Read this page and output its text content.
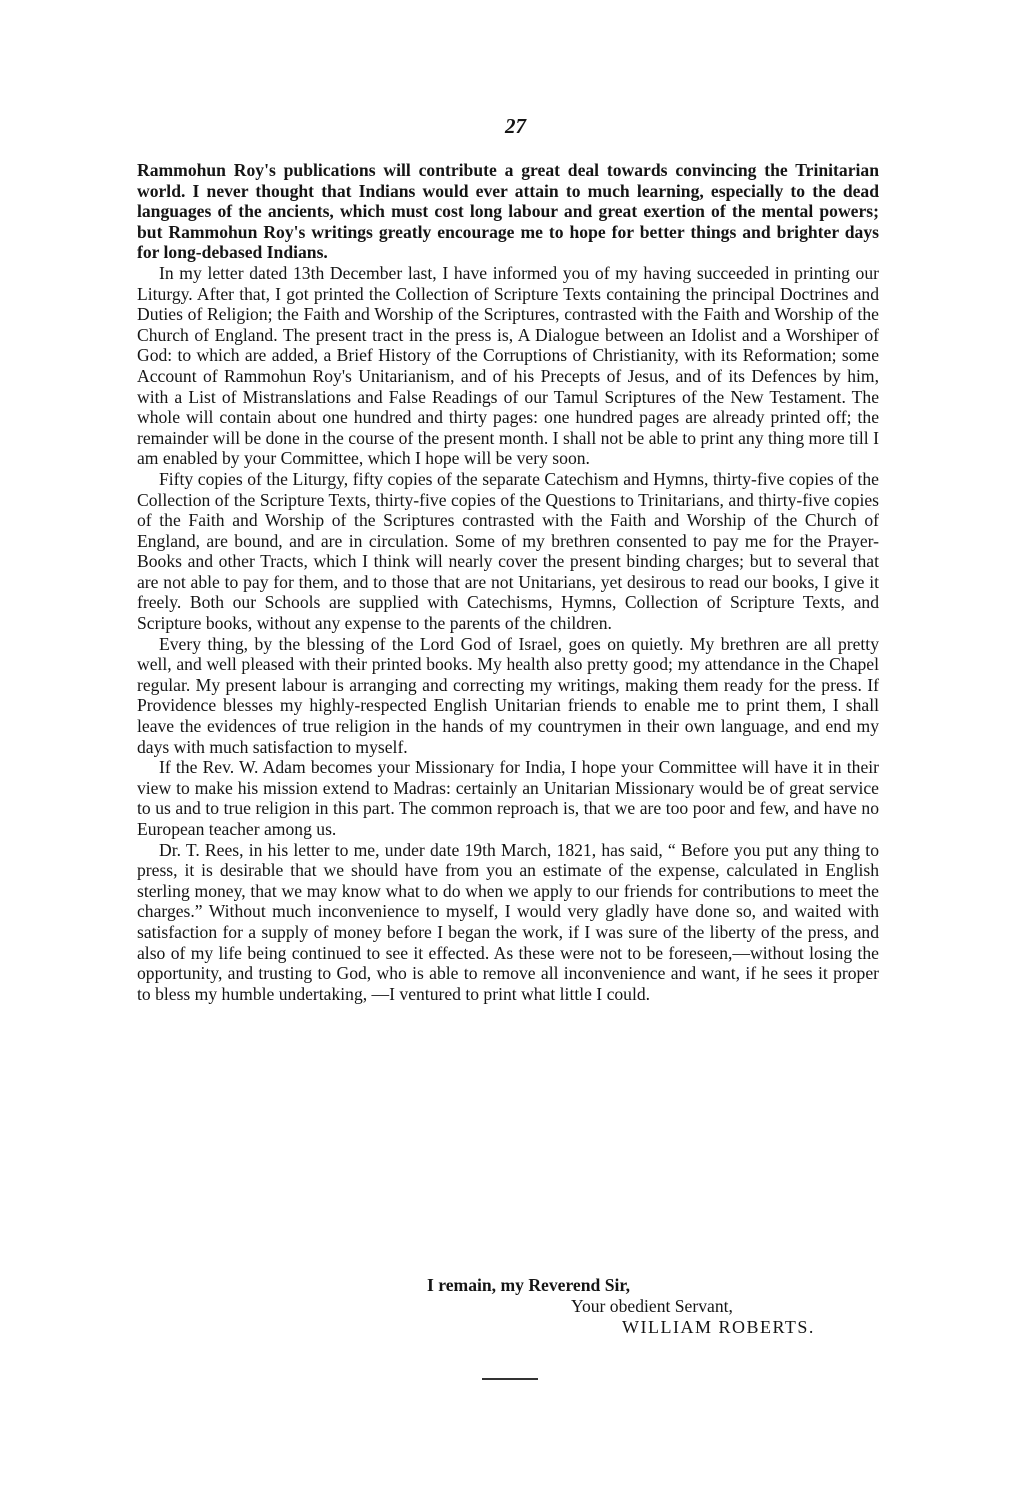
27

Rammohun Roy's publications will contribute a great deal towards convincing the Trinitarian world. I never thought that Indians would ever attain to much learning, especially to the dead languages of the ancients, which must cost long labour and great exertion of the mental powers; but Rammohun Roy's writings greatly encourage me to hope for better things and brighter days for long-debased Indians.

In my letter dated 13th December last, I have informed you of my having succeeded in printing our Liturgy. After that, I got printed the Collection of Scripture Texts containing the principal Doctrines and Duties of Religion; the Faith and Worship of the Scriptures, contrasted with the Faith and Worship of the Church of England. The present tract in the press is, A Dialogue between an Idolist and a Worshiper of God: to which are added, a Brief History of the Corruptions of Christianity, with its Reformation; some Account of Rammohun Roy's Unitarianism, and of his Precepts of Jesus, and of its Defences by him, with a List of Mistranslations and False Readings of our Tamul Scriptures of the New Testament. The whole will contain about one hundred and thirty pages: one hundred pages are already printed off; the remainder will be done in the course of the present month. I shall not be able to print any thing more till I am enabled by your Committee, which I hope will be very soon.

Fifty copies of the Liturgy, fifty copies of the separate Catechism and Hymns, thirty-five copies of the Collection of the Scripture Texts, thirty-five copies of the Questions to Trinitarians, and thirty-five copies of the Faith and Worship of the Scriptures contrasted with the Faith and Worship of the Church of England, are bound, and are in circulation. Some of my brethren consented to pay me for the Prayer-Books and other Tracts, which I think will nearly cover the present binding charges; but to several that are not able to pay for them, and to those that are not Unitarians, yet desirous to read our books, I give it freely. Both our Schools are supplied with Catechisms, Hymns, Collection of Scripture Texts, and Scripture books, without any expense to the parents of the children.

Every thing, by the blessing of the Lord God of Israel, goes on quietly. My brethren are all pretty well, and well pleased with their printed books. My health also pretty good; my attendance in the Chapel regular. My present labour is arranging and correcting my writings, making them ready for the press. If Providence blesses my highly-respected English Unitarian friends to enable me to print them, I shall leave the evidences of true religion in the hands of my countrymen in their own language, and end my days with much satisfaction to myself.

If the Rev. W. Adam becomes your Missionary for India, I hope your Committee will have it in their view to make his mission extend to Madras: certainly an Unitarian Missionary would be of great service to us and to true religion in this part. The common reproach is, that we are too poor and few, and have no European teacher among us.

Dr. T. Rees, in his letter to me, under date 19th March, 1821, has said, “ Before you put any thing to press, it is desirable that we should have from you an estimate of the expense, calculated in English sterling money, that we may know what to do when we apply to our friends for contributions to meet the charges.” Without much inconvenience to myself, I would very gladly have done so, and waited with satisfaction for a supply of money before I began the work, if I was sure of the liberty of the press, and also of my life being continued to see it effected. As these were not to be foreseen,—without losing the opportunity, and trusting to God, who is able to remove all inconvenience and want, if he sees it proper to bless my humble undertaking, —I ventured to print what little I could.

I remain, my Reverend Sir,
Your obedient Servant,
WILLIAM ROBERTS.
